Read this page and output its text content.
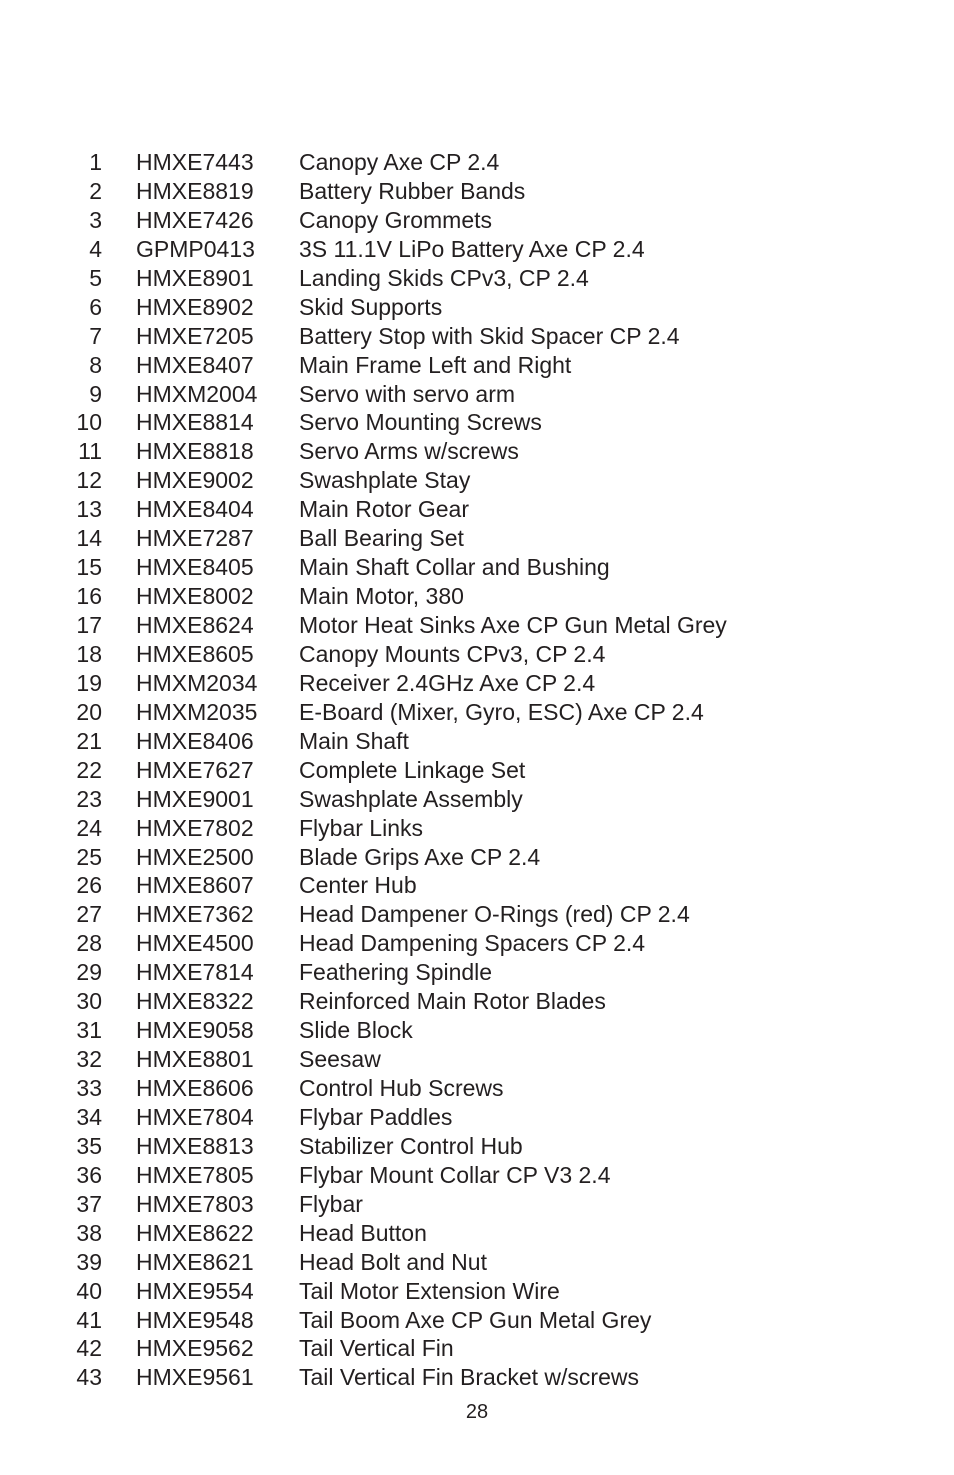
1 HMXE7443 Canopy Axe CP 2.4
2 HMXE8819 Battery Rubber Bands
3 HMXE7426 Canopy Grommets
4 GPMP0413 3S 11.1V LiPo Battery Axe CP 2.4
5 HMXE8901 Landing Skids CPv3, CP 2.4
6 HMXE8902 Skid Supports
7 HMXE7205 Battery Stop with Skid Spacer CP 2.4
8 HMXE8407 Main Frame Left and Right
9 HMXM2004 Servo with servo arm
10 HMXE8814 Servo Mounting Screws
11 HMXE8818 Servo Arms w/screws
12 HMXE9002 Swashplate Stay
13 HMXE8404 Main Rotor Gear
14 HMXE7287 Ball Bearing Set
15 HMXE8405 Main Shaft Collar and Bushing
16 HMXE8002 Main Motor, 380
17 HMXE8624 Motor Heat Sinks Axe CP Gun Metal Grey
18 HMXE8605 Canopy Mounts CPv3, CP 2.4
19 HMXM2034 Receiver 2.4GHz Axe CP 2.4
20 HMXM2035 E-Board (Mixer, Gyro, ESC) Axe CP 2.4
21 HMXE8406 Main Shaft
22 HMXE7627 Complete Linkage Set
23 HMXE9001 Swashplate Assembly
24 HMXE7802 Flybar Links
25 HMXE2500 Blade Grips Axe CP 2.4
26 HMXE8607 Center Hub
27 HMXE7362 Head Dampener O-Rings (red) CP 2.4
28 HMXE4500 Head Dampening Spacers CP 2.4
29 HMXE7814 Feathering Spindle
30 HMXE8322 Reinforced Main Rotor Blades
31 HMXE9058 Slide Block
32 HMXE8801 Seesaw
33 HMXE8606 Control Hub Screws
34 HMXE7804 Flybar Paddles
35 HMXE8813 Stabilizer Control Hub
36 HMXE7805 Flybar Mount Collar CP V3 2.4
37 HMXE7803 Flybar
38 HMXE8622 Head Button
39 HMXE8621 Head Bolt and Nut
40 HMXE9554 Tail Motor Extension Wire
41 HMXE9548 Tail Boom Axe CP Gun Metal Grey
42 HMXE9562 Tail Vertical Fin
43 HMXE9561 Tail Vertical Fin Bracket w/screws
28
